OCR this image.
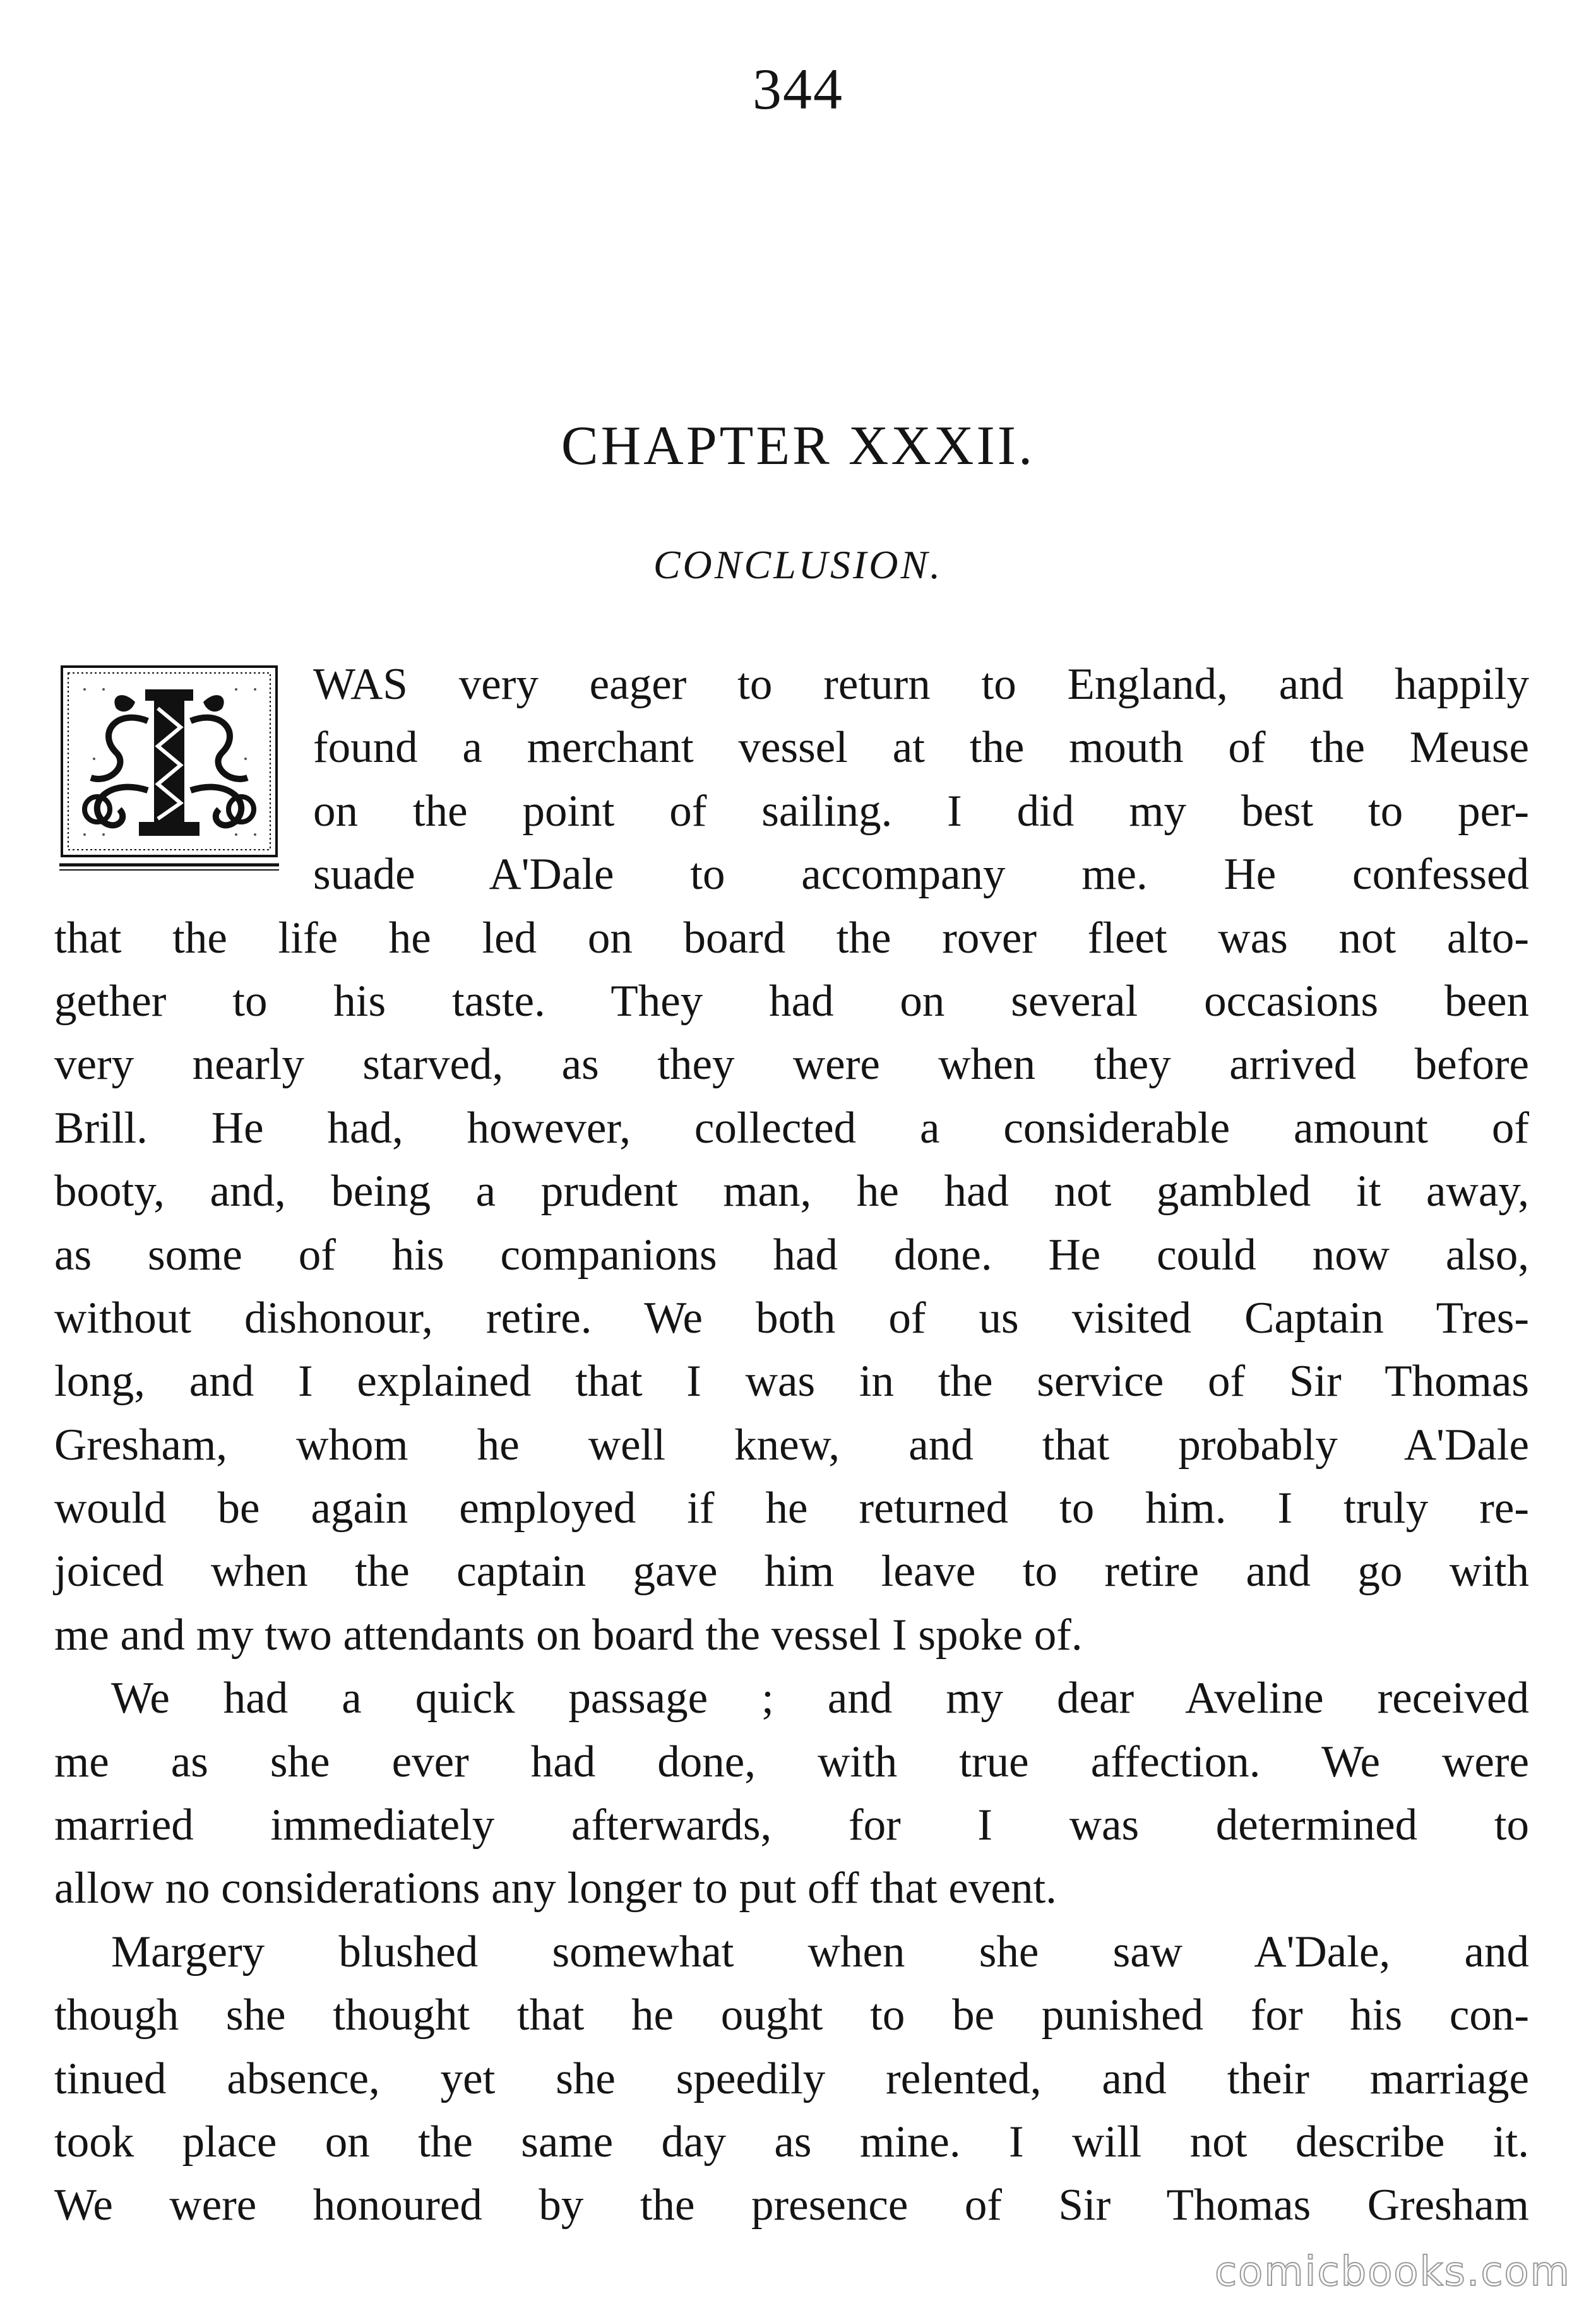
344
CHAPTER XXXII.
CONCLUSION.
WAS very eager to return to England, and happily
found a merchant vessel at the mouth of the Meuse
on the point of sailing. I did my best to per-
suade A'Dale to accompany me. He confessed
that the life he led on board the rover fleet was not alto-
gether to his taste. They had on several occasions been
very nearly starved, as they were when they arrived before
Brill. He had, however, collected a considerable amount of
booty, and, being a prudent man, he had not gambled it away,
as some of his companions had done. He could now also,
without dishonour, retire. We both of us visited Captain Tres-
long, and I explained that I was in the service of Sir Thomas
Gresham, whom he well knew, and that probably A'Dale
would be again employed if he returned to him. I truly re-
joiced when the captain gave him leave to retire and go with
me and my two attendants on board the vessel I spoke of.
We had a quick passage ; and my dear Aveline received
me as she ever had done, with true affection. We were
married immediately afterwards, for I was determined to
allow no considerations any longer to put off that event.
Margery blushed somewhat when she saw A'Dale, and
though she thought that he ought to be punished for his con-
tinued absence, yet she speedily relented, and their marriage
took place on the same day as mine. I will not describe it.
We were honoured by the presence of Sir Thomas Gresham
comicbooks.com
